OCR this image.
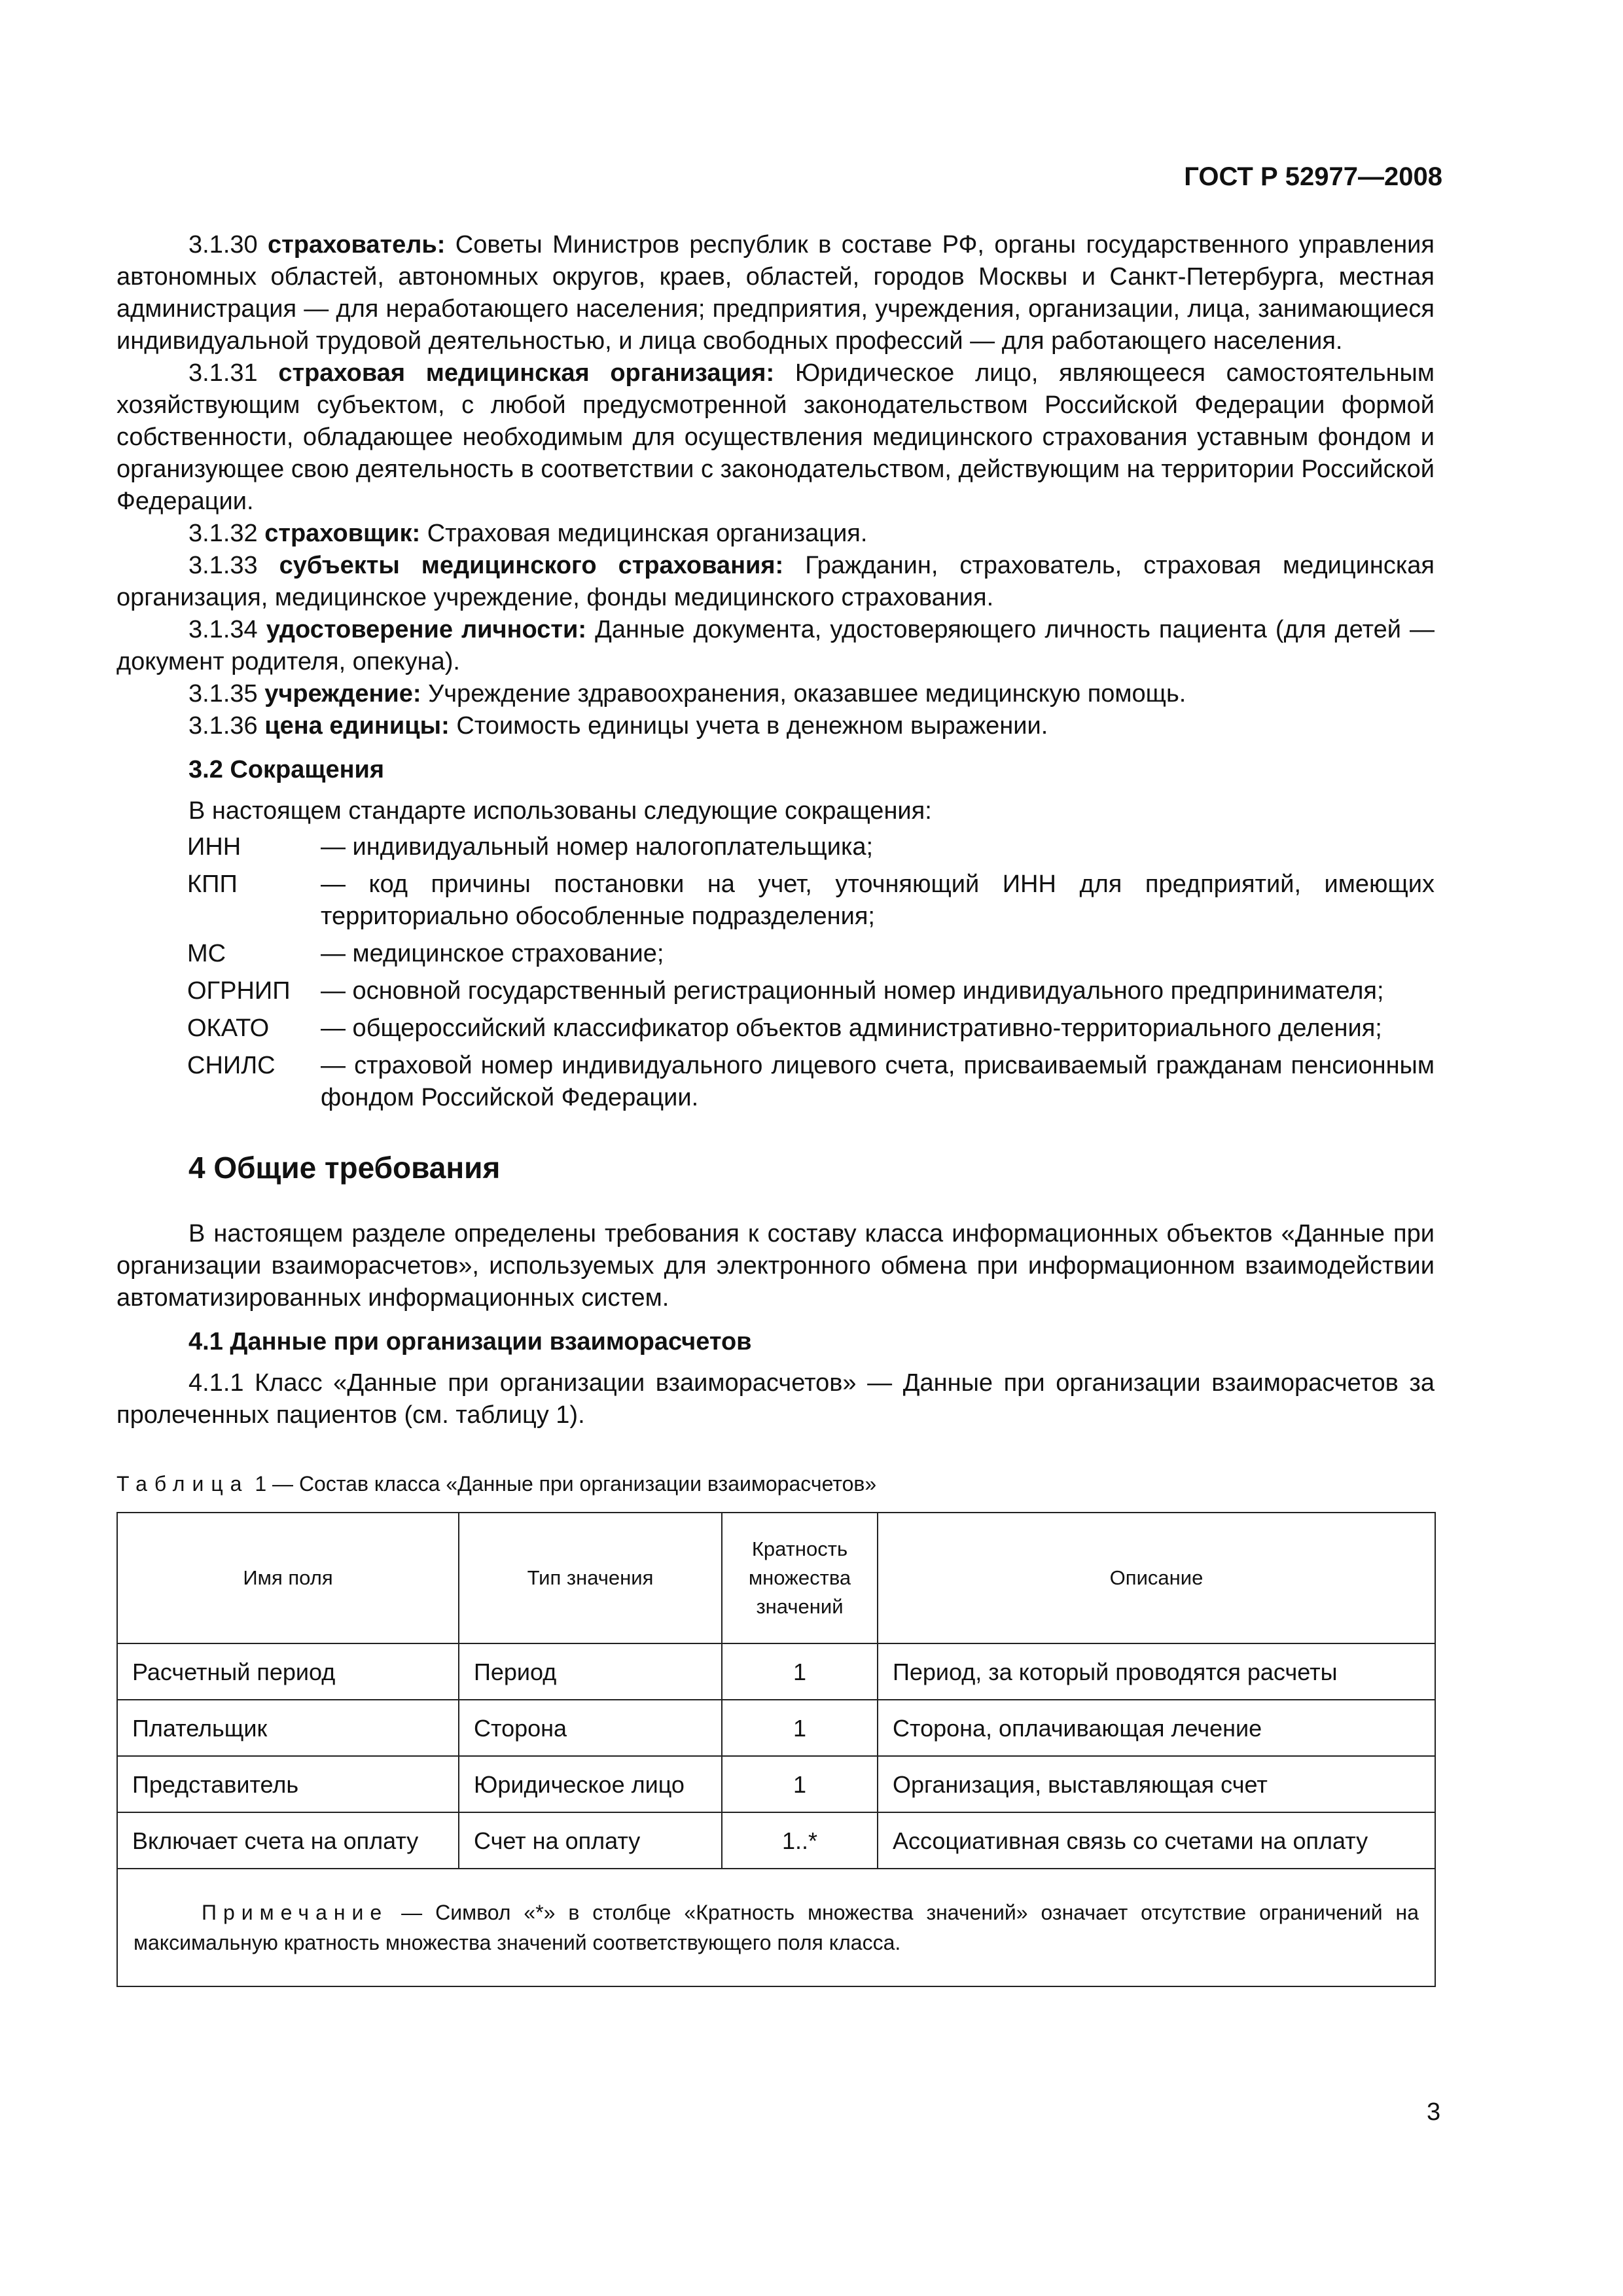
ГОСТ Р 52977—2008

3.1.30 страхователь: Советы Министров республик в составе РФ, органы государственного управления автономных областей, автономных округов, краев, областей, городов Москвы и Санкт-Петербурга, местная администрация — для неработающего населения; предприятия, учреждения, организации, лица, занимающиеся индивидуальной трудовой деятельностью, и лица свободных профессий — для работающего населения.

3.1.31 страховая медицинская организация: Юридическое лицо, являющееся самостоятельным хозяйствующим субъектом, с любой предусмотренной законодательством Российской Федерации формой собственности, обладающее необходимым для осуществления медицинского страхования уставным фондом и организующее свою деятельность в соответствии с законодательством, действующим на территории Российской Федерации.

3.1.32 страховщик: Страховая медицинская организация.

3.1.33 субъекты медицинского страхования: Гражданин, страхователь, страховая медицинская организация, медицинское учреждение, фонды медицинского страхования.

3.1.34 удостоверение личности: Данные документа, удостоверяющего личность пациента (для детей — документ родителя, опекуна).

3.1.35 учреждение: Учреждение здравоохранения, оказавшее медицинскую помощь.

3.1.36 цена единицы: Стоимость единицы учета в денежном выражении.

3.2 Сокращения

В настоящем стандарте использованы следующие сокращения:

ИНН	— индивидуальный номер налогоплательщика;
КПП	— код причины постановки на учет, уточняющий ИНН для предприятий, имеющих территориально обособленные подразделения;
МС	— медицинское страхование;
ОГРНИП	— основной государственный регистрационный номер индивидуального предпринимателя;
ОКАТО	— общероссийский классификатор объектов административно-территориального деления;
СНИЛС	— страховой номер индивидуального лицевого счета, присваиваемый гражданам пенсионным фондом Российской Федерации.
4 Общие требования

В настоящем разделе определены требования к составу класса информационных объектов «Данные при организации взаиморасчетов», используемых для электронного обмена при информационном взаимодействии автоматизированных информационных систем.

4.1 Данные при организации взаиморасчетов

4.1.1 Класс «Данные при организации взаиморасчетов» — Данные при организации взаиморасчетов за пролеченных пациентов (см. таблицу 1).

Таблица 1 — Состав класса «Данные при организации взаиморасчетов»
Имя поля	Тип значения	Кратность множества значений	Описание
Расчетный период	Период	1	Период, за который проводятся расчеты
Плательщик	Сторона	1	Сторона, оплачивающая лечение
Представитель	Юридическое лицо	1	Организация, выставляющая счет
Включает счета на оплату	Счет на оплату	1..*	Ассоциативная связь со счетами на оплату
Примечание — Символ «*» в столбце «Кратность множества значений» означает отсутствие ограничений на максимальную кратность множества значений соответствующего поля класса.			
3
